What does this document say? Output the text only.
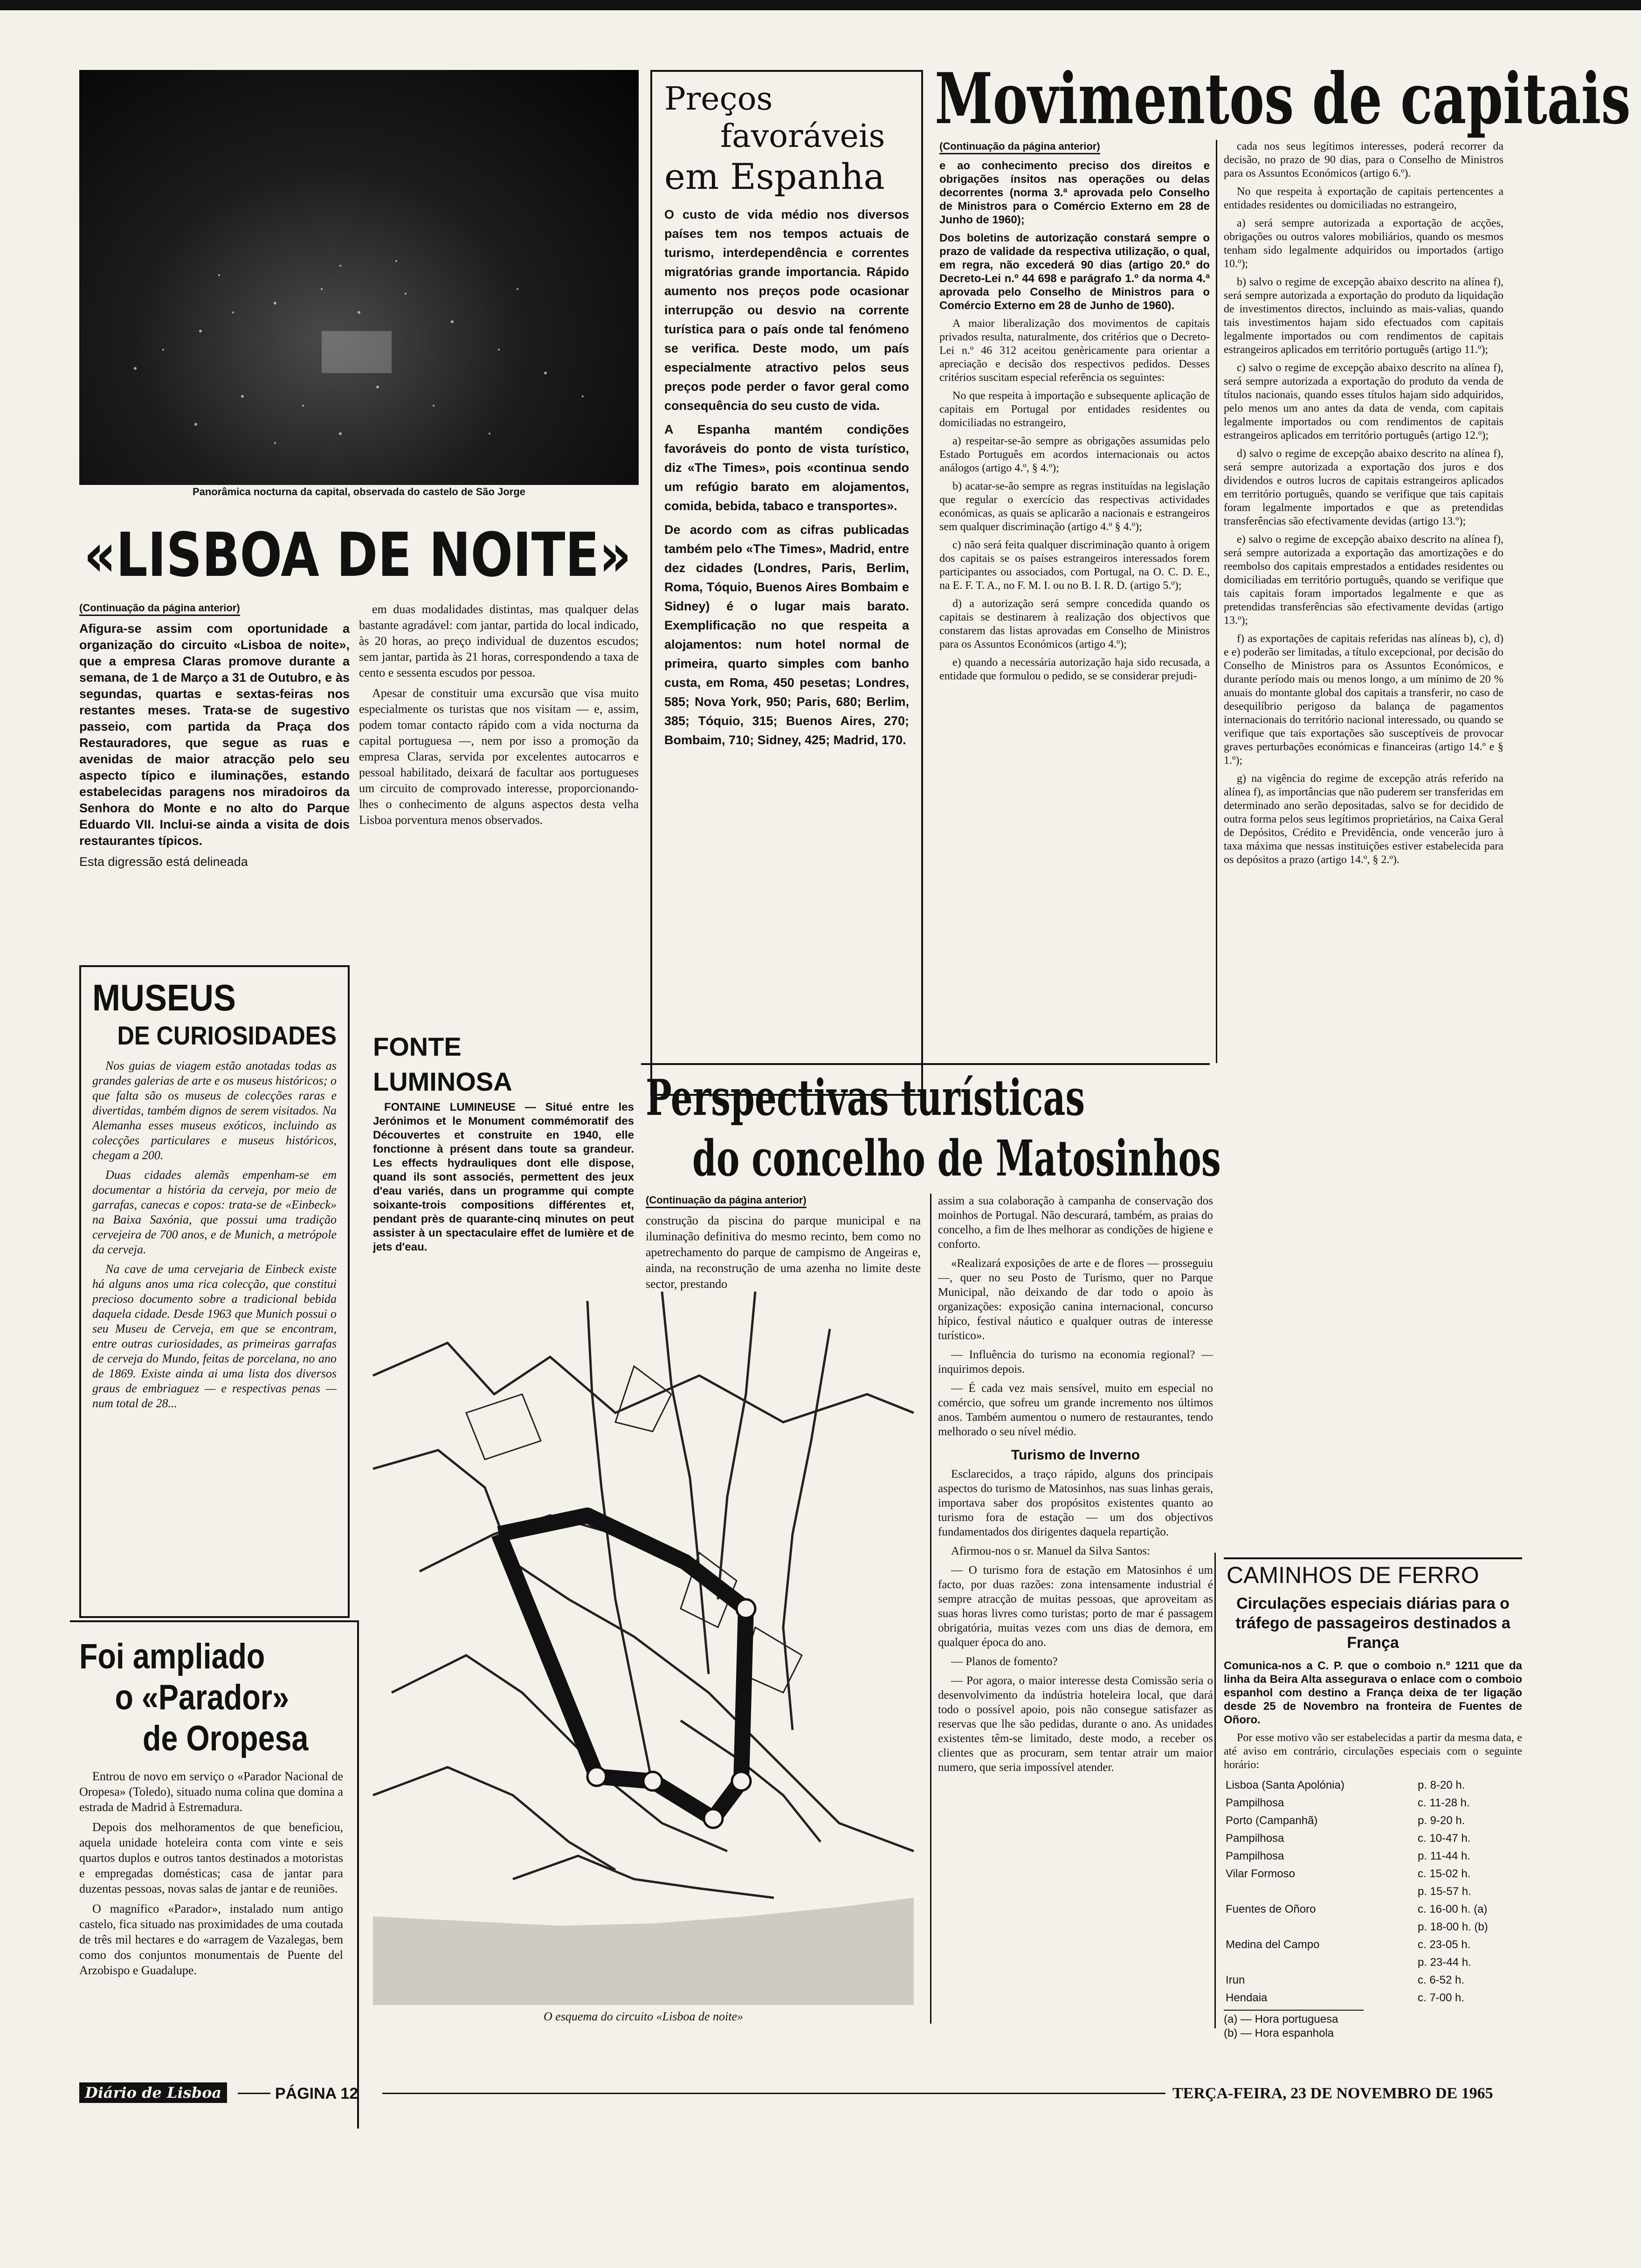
Panorâmica nocturna da capital, observada do castelo de São Jorge
«LISBOA DE NOITE»
(Continuação da página anterior)

Afigura-se assim com oportunidade a organização do circuito «Lisboa de noite», que a empresa Claras promove durante a semana, de 1 de Março a 31 de Outubro, e às segundas, quartas e sextas-feiras nos restantes meses. Trata-se de sugestivo passeio, com partida da Praça dos Restauradores, que segue as ruas e avenidas de maior atracção pelo seu aspecto típico e iluminações, estando estabelecidas paragens nos miradoiros da Senhora do Monte e no alto do Parque Eduardo VII. Inclui-se ainda a visita de dois restaurantes típicos.

Esta digressão está delineada

em duas modalidades distintas, mas qualquer delas bastante agradável: com jantar, partida do local indicado, às 20 horas, ao preço individual de duzentos escudos; sem jantar, partida às 21 horas, correspondendo a taxa de cento e sessenta escudos por pessoa.

Apesar de constituir uma excursão que visa muito especialmente os turistas que nos visitam — e, assim, podem tomar contacto rápido com a vida nocturna da capital portuguesa —, nem por isso a promoção da empresa Claras, servida por excelentes autocarros e pessoal habilitado, deixará de facultar aos portugueses um circuito de comprovado interesse, proporcionando-lhes o conhecimento de alguns aspectos desta velha Lisboa porventura menos observados.

Preços
favoráveis
em Espanha

O custo de vida médio nos diversos países tem nos tempos actuais de turismo, interdependência e correntes migratórias grande importancia. Rápido aumento nos preços pode ocasionar interrupção ou desvio na corrente turística para o país onde tal fenómeno se verifica. Deste modo, um país especialmente atractivo pelos seus preços pode perder o favor geral como consequência do seu custo de vida.

A Espanha mantém condições favoráveis do ponto de vista turístico, diz «The Times», pois «continua sendo um refúgio barato em alojamentos, comida, bebida, tabaco e transportes».

De acordo com as cifras publicadas também pelo «The Times», Madrid, entre dez cidades (Londres, Paris, Berlim, Roma, Tóquio, Buenos Aires Bombaim e Sidney) é o lugar mais barato. Exemplificação no que respeita a alojamentos: num hotel normal de primeira, quarto simples com banho custa, em Roma, 450 pesetas; Londres, 585; Nova York, 950; Paris, 680; Berlim, 385; Tóquio, 315; Buenos Aires, 270; Bombaim, 710; Sidney, 425; Madrid, 170.

Movimentos de capitais
(Continuação da página anterior)

e ao conhecimento preciso dos direitos e obrigações ínsitos nas operações ou delas decorrentes (norma 3.ª aprovada pelo Conselho de Ministros para o Comércio Externo em 28 de Junho de 1960);

Dos boletins de autorização constará sempre o prazo de validade da respectiva utilização, o qual, em regra, não excederá 90 dias (artigo 20.º do Decreto-Lei n.º 44 698 e parágrafo 1.º da norma 4.ª aprovada pelo Conselho de Ministros para o Comércio Externo em 28 de Junho de 1960).

A maior liberalização dos movimentos de capitais privados resulta, naturalmente, dos critérios que o Decreto-Lei n.º 46 312 aceitou genèricamente para orientar a apreciação e decisão dos respectivos pedidos. Desses critérios suscitam especial referência os seguintes:

No que respeita à importação e subsequente aplicação de capitais em Portugal por entidades residentes ou domiciliadas no estrangeiro,

a) respeitar-se-ão sempre as obrigações assumidas pelo Estado Português em acordos internacionais ou actos análogos (artigo 4.º, § 4.º);

b) acatar-se-ão sempre as regras instituídas na legislação que regular o exercício das respectivas actividades económicas, as quais se aplicarão a nacionais e estrangeiros sem qualquer discriminação (artigo 4.º § 4.º);

c) não será feita qualquer discriminação quanto à origem dos capitais se os países estrangeiros interessados forem participantes ou associados, com Portugal, na O. C. D. E., na E. F. T. A., no F. M. I. ou no B. I. R. D. (artigo 5.º);

d) a autorização será sempre concedida quando os capitais se destinarem à realização dos objectivos que constarem das listas aprovadas em Conselho de Ministros para os Assuntos Económicos (artigo 4.º);

e) quando a necessária autorização haja sido recusada, a entidade que formulou o pedido, se se considerar prejudi-

cada nos seus legítimos interesses, poderá recorrer da decisão, no prazo de 90 dias, para o Conselho de Ministros para os Assuntos Económicos (artigo 6.º).

No que respeita à exportação de capitais pertencentes a entidades residentes ou domiciliadas no estrangeiro,

a) será sempre autorizada a exportação de acções, obrigações ou outros valores mobiliários, quando os mesmos tenham sido legalmente adquiridos ou importados (artigo 10.º);

b) salvo o regime de excepção abaixo descrito na alínea f), será sempre autorizada a exportação do produto da liquidação de investimentos directos, incluindo as mais-valias, quando tais investimentos hajam sido efectuados com capitais legalmente importados ou com rendimentos de capitais estrangeiros aplicados em território português (artigo 11.º);

c) salvo o regime de excepção abaixo descrito na alínea f), será sempre autorizada a exportação do produto da venda de títulos nacionais, quando esses títulos hajam sido adquiridos, pelo menos um ano antes da data de venda, com capitais legalmente importados ou com rendimentos de capitais estrangeiros aplicados em território português (artigo 12.º);

d) salvo o regime de excepção abaixo descrito na alínea f), será sempre autorizada a exportação dos juros e dos dividendos e outros lucros de capitais estrangeiros aplicados em território português, quando se verifique que tais capitais foram legalmente importados e que as pretendidas transferências são efectivamente devidas (artigo 13.º);

e) salvo o regime de excepção abaixo descrito na alínea f), será sempre autorizada a exportação das amortizações e do reembolso dos capitais emprestados a entidades residentes ou domiciliadas em território português, quando se verifique que tais capitais foram importados legalmente e que as pretendidas transferências são efectivamente devidas (artigo 13.º);

f) as exportações de capitais referidas nas alíneas b), c), d) e e) poderão ser limitadas, a título excepcional, por decisão do Conselho de Ministros para os Assuntos Económicos, e durante período mais ou menos longo, a um mínimo de 20 % anuais do montante global dos capitais a transferir, no caso de desequilíbrio perigoso da balança de pagamentos internacionais do território nacional interessado, ou quando se verifique que tais exportações são susceptíveis de provocar graves perturbações económicas e financeiras (artigo 14.º e § 1.º);

g) na vigência do regime de excepção atrás referido na alínea f), as importâncias que não puderem ser transferidas em determinado ano serão depositadas, salvo se for decidido de outra forma pelos seus legítimos proprietários, na Caixa Geral de Depósitos, Crédito e Previdência, onde vencerão juro à taxa máxima que nessas instituições estiver estabelecida para os depósitos a prazo (artigo 14.º, § 2.º).

MUSEUS
DE CURIOSIDADES

Nos guias de viagem estão anotadas todas as grandes galerias de arte e os museus históricos; o que falta são os museus de colecções raras e divertidas, também dignos de serem visitados. Na Alemanha esses museus exóticos, incluindo as colecções particulares e museus históricos, chegam a 200.

Duas cidades alemãs empenham-se em documentar a história da cerveja, por meio de garrafas, canecas e copos: trata-se de «Einbeck» na Baixa Saxónia, que possui uma tradição cervejeira de 700 anos, e de Munich, a metrópole da cerveja.

Na cave de uma cervejaria de Einbeck existe há alguns anos uma rica colecção, que constitui precioso documento sobre a tradicional bebida daquela cidade. Desde 1963 que Munich possui o seu Museu de Cerveja, em que se encontram, entre outras curiosidades, as primeiras garrafas de cerveja do Mundo, feitas de porcelana, no ano de 1869. Existe ainda ai uma lista dos diversos graus de embriaguez — e respectivas penas — num total de 28...

Foi ampliado
o «Parador»
de Oropesa

Entrou de novo em serviço o «Parador Nacional de Oropesa» (Toledo), situado numa colina que domina a estrada de Madrid à Estremadura.

Depois dos melhoramentos de que beneficiou, aquela unidade hoteleira conta com vinte e seis quartos duplos e outros tantos destinados a motoristas e empregadas domésticas; casa de jantar para duzentas pessoas, novas salas de jantar e de reuniões.

O magnífico «Parador», instalado num antigo castelo, fica situado nas proximidades de uma coutada de três mil hectares e do «arragem de Vazalegas, bem como dos conjuntos monumentais de Puente del Arzobispo e Guadalupe.

FONTE
LUMINOSA

FONTAINE LUMINEUSE — Situé entre les Jerónimos et le Monument commémoratif des Découvertes et construite en 1940, elle fonctionne à présent dans toute sa grandeur. Les effects hydrauliques dont elle dispose, quand ils sont associés, permettent des jeux d'eau variés, dans un programme qui compte soixante-trois compositions différentes et, pendant près de quarante-cinq minutes on peut assister à un spectaculaire effet de lumière et de jets d'eau.

O esquema do circuito «Lisboa de noite»
Perspectivas turísticas
do concelho de Matosinhos
(Continuação da página anterior)

construção da piscina do parque municipal e na iluminação definitiva do mesmo recinto, bem como no apetrechamento do parque de campismo de Angeiras e, ainda, na reconstrução de uma azenha no limite deste sector, prestando

assim a sua colaboração à campanha de conservação dos moinhos de Portugal. Não descurará, também, as praias do concelho, a fim de lhes melhorar as condições de higiene e conforto.

«Realizará exposições de arte e de flores — prosseguiu —, quer no seu Posto de Turismo, quer no Parque Municipal, não deixando de dar todo o apoio às organizações: exposição canina internacional, concurso hípico, festival náutico e qualquer outras de interesse turístico».

— Influência do turismo na economia regional? — inquirimos depois.

— É cada vez mais sensível, muito em especial no comércio, que sofreu um grande incremento nos últimos anos. Também aumentou o numero de restaurantes, tendo melhorado o seu nível médio.

Turismo de Inverno

Esclarecidos, a traço rápido, alguns dos principais aspectos do turismo de Matosinhos, nas suas linhas gerais, importava saber dos propósitos existentes quanto ao turismo fora de estação — um dos objectivos fundamentados dos dirigentes daquela repartição.

Afirmou-nos o sr. Manuel da Silva Santos:

— O turismo fora de estação em Matosinhos é um facto, por duas razões: zona intensamente industrial é sempre atracção de muitas pessoas, que aproveitam as suas horas livres como turistas; porto de mar é passagem obrigatória, muitas vezes com uns dias de demora, em qualquer época do ano.

— Planos de fomento?

— Por agora, o maior interesse desta Comissão seria o desenvolvimento da indústria hoteleira local, que dará todo o possível apoio, pois não consegue satisfazer as reservas que lhe são pedidas, durante o ano. As unidades existentes têm-se limitado, deste modo, a receber os clientes que as procuram, sem tentar atrair um maior numero, que seria impossível atender.

CAMINHOS DE FERRO
Circulações especiais diárias para o tráfego de passageiros destinados a França

Comunica-nos a C. P. que o comboio n.º 1211 que da linha da Beira Alta assegurava o enlace com o comboio espanhol com destino a França deixa de ter ligação desde 25 de Novembro na fronteira de Fuentes de Oñoro.

Por esse motivo vão ser estabelecidas a partir da mesma data, e até aviso em contrário, circulações especiais com o seguinte horário:

Lisboa (Santa Apolónia)	p. 8-20 h.
Pampilhosa	c. 11-28 h.
Porto (Campanhã)	p. 9-20 h.
Pampilhosa	c. 10-47 h.
Pampilhosa	p. 11-44 h.
Vilar Formoso	c. 15-02 h.
	p. 15-57 h.
Fuentes de Oñoro	c. 16-00 h. (a)
	p. 18-00 h. (b)
Medina del Campo	c. 23-05 h.
	p. 23-44 h.
Irun	c. 6-52 h.
Hendaia	c. 7-00 h.
(a) — Hora portuguesa
(b) — Hora espanhola
Diário de Lisboa	PÁGINA 12	TERÇA-FEIRA, 23 DE NOVEMBRO DE 1965
